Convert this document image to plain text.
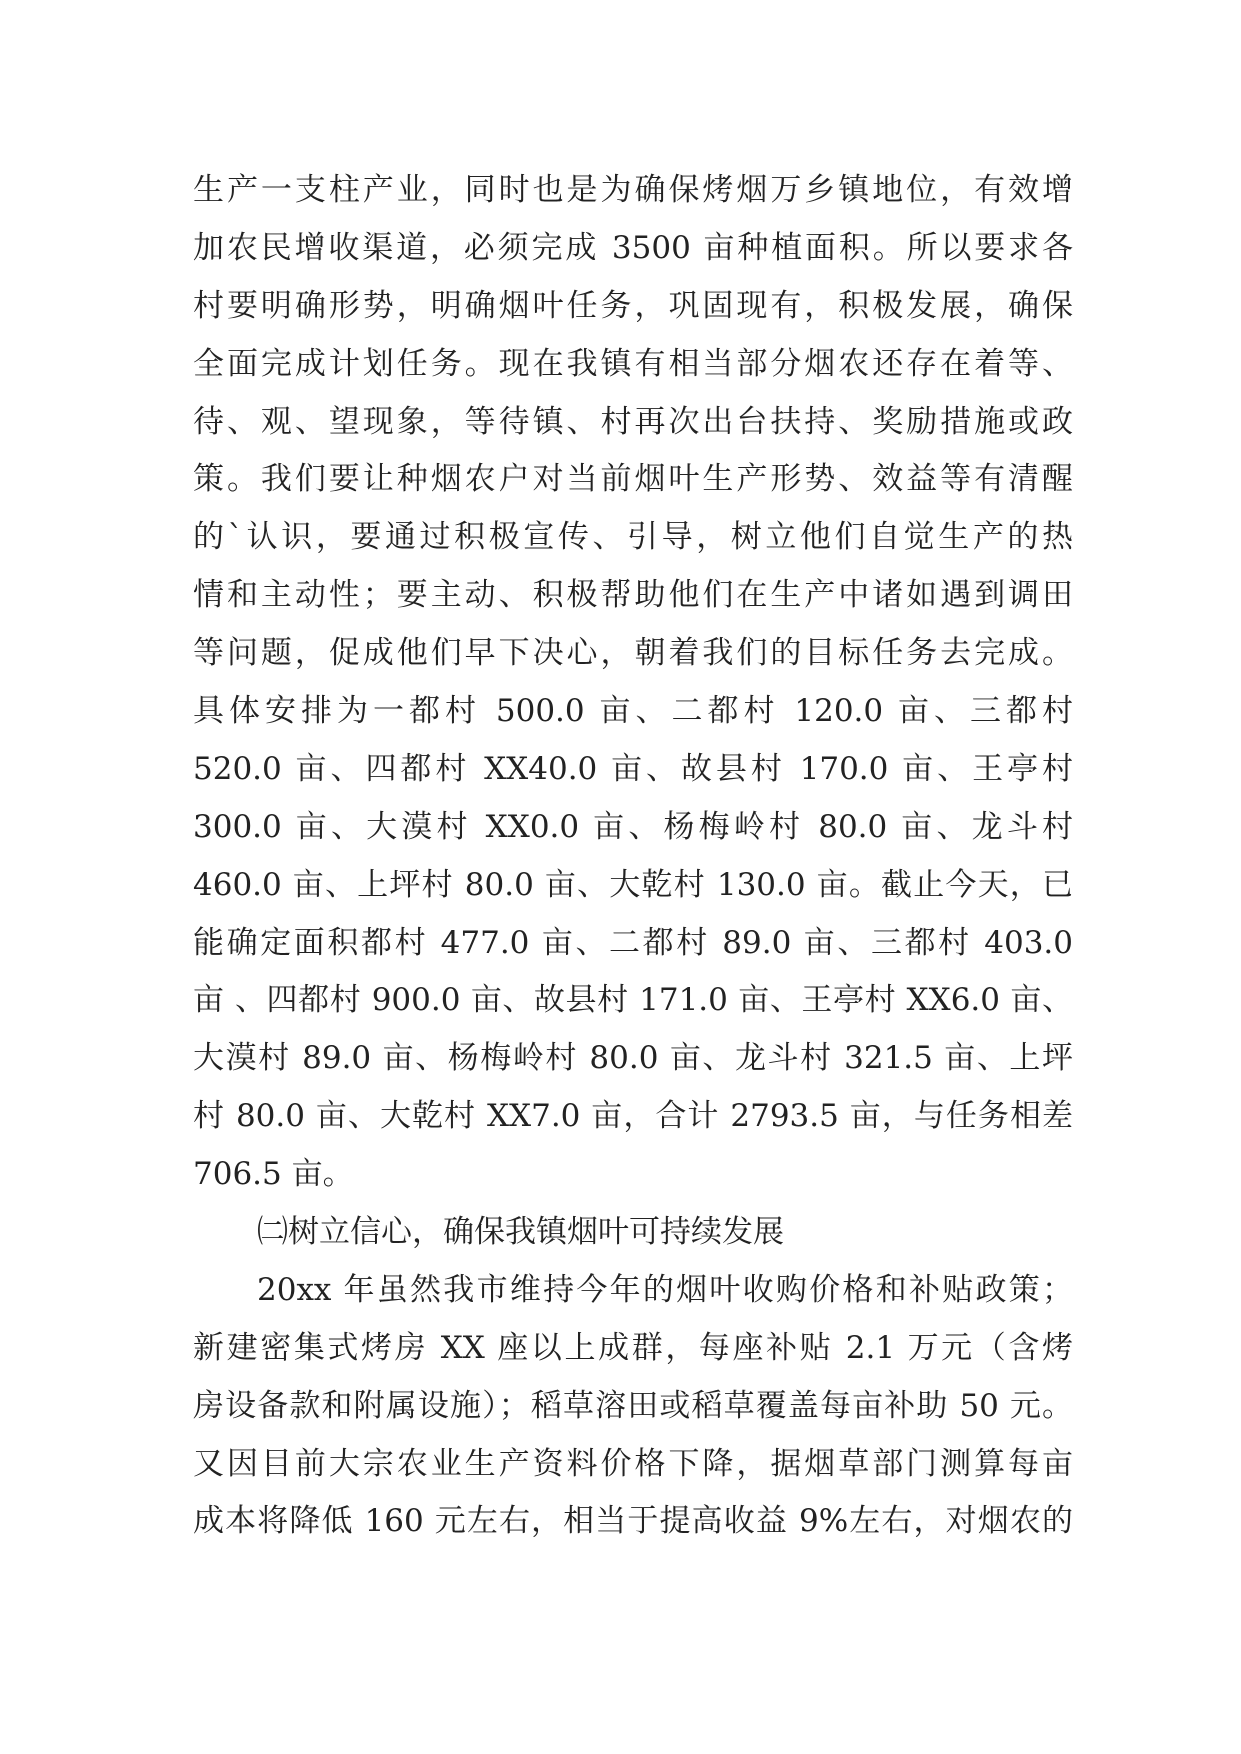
生产一支柱产业，同时也是为确保烤烟万乡镇地位，有效增
加农民增收渠道，必须完成 3500 亩种植面积。所以要求各
村要明确形势，明确烟叶任务，巩固现有，积极发展，确保
全面完成计划任务。现在我镇有相当部分烟农还存在着等、
待、观、望现象，等待镇、村再次出台扶持、奖励措施或政
策。我们要让种烟农户对当前烟叶生产形势、效益等有清醒
的`认识，要通过积极宣传、引导，树立他们自觉生产的热
情和主动性；要主动、积极帮助他们在生产中诸如遇到调田
等问题，促成他们早下决心，朝着我们的目标任务去完成。
具体安排为一都村 500.0 亩、二都村 120.0 亩、三都村
520.0 亩、四都村 XX40.0 亩、故县村 170.0 亩、王亭村
300.0 亩、大漠村 XX0.0 亩、杨梅岭村 80.0 亩、龙斗村
460.0 亩、上坪村 80.0 亩、大乾村 130.0 亩。截止今天，已
能确定面积都村 477.0 亩、二都村 89.0 亩、三都村 403.0
亩 、四都村 900.0 亩、故县村 171.0 亩、王亭村 XX6.0 亩、
大漠村 89.0 亩、杨梅岭村 80.0 亩、龙斗村 321.5 亩、上坪
村 80.0 亩、大乾村 XX7.0 亩，合计 2793.5 亩，与任务相差
706.5 亩。
㈡树立信心，确保我镇烟叶可持续发展
20xx 年虽然我市维持今年的烟叶收购价格和补贴政策；
新建密集式烤房 XX 座以上成群，每座补贴 2.1 万元（含烤
房设备款和附属设施）；稻草溶田或稻草覆盖每亩补助 50 元。
又因目前大宗农业生产资料价格下降，据烟草部门测算每亩
成本将降低 160 元左右，相当于提高收益 9%左右，对烟农的
